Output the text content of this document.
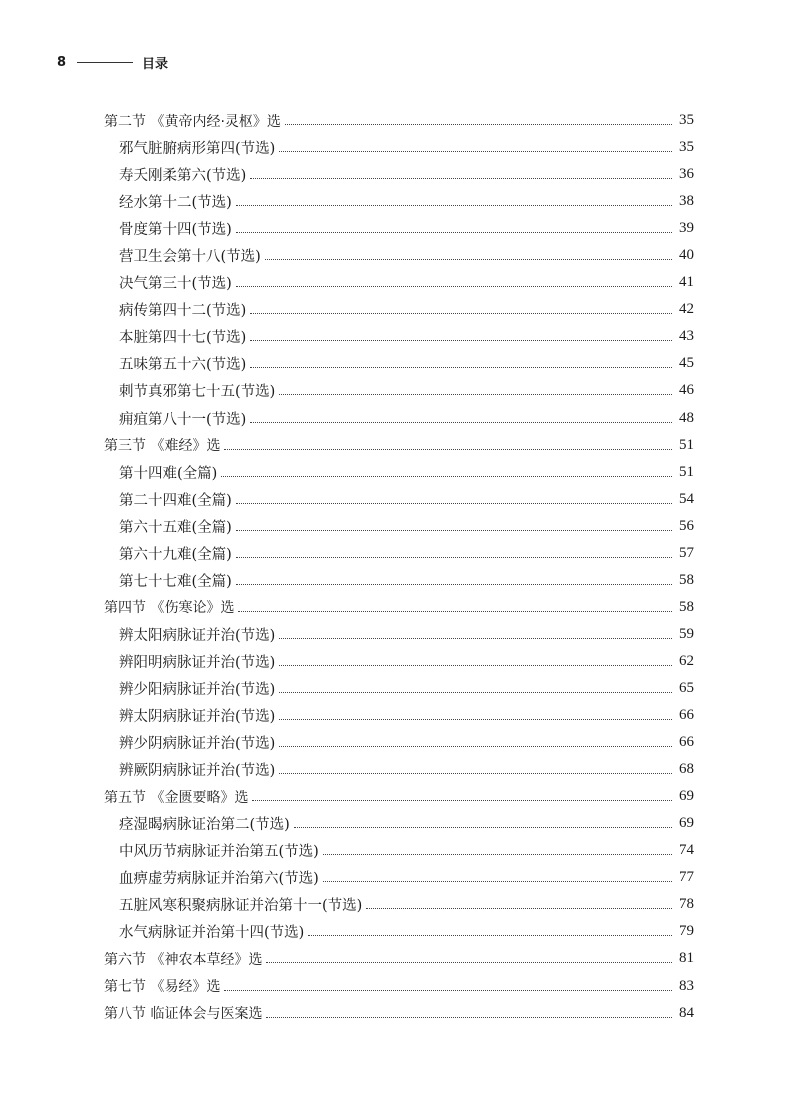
8	目录
第二节 《黄帝内经·灵枢》选	35
邪气脏腑病形第四(节选)	35
寿夭刚柔第六(节选)	36
经水第十二(节选)	38
骨度第十四(节选)	39
营卫生会第十八(节选)	40
决气第三十(节选)	41
病传第四十二(节选)	42
本脏第四十七(节选)	43
五味第五十六(节选)	45
刺节真邪第七十五(节选)	46
痈疽第八十一(节选)	48
第三节 《难经》选	51
第十四难(全篇)	51
第二十四难(全篇)	54
第六十五难(全篇)	56
第六十九难(全篇)	57
第七十七难(全篇)	58
第四节 《伤寒论》选	58
辨太阳病脉证并治(节选)	59
辨阳明病脉证并治(节选)	62
辨少阳病脉证并治(节选)	65
辨太阴病脉证并治(节选)	66
辨少阴病脉证并治(节选)	66
辨厥阴病脉证并治(节选)	68
第五节 《金匮要略》选	69
痉湿暍病脉证治第二(节选)	69
中风历节病脉证并治第五(节选)	74
血痹虚劳病脉证并治第六(节选)	77
五脏风寒积聚病脉证并治第十一(节选)	78
水气病脉证并治第十四(节选)	79
第六节 《神农本草经》选	81
第七节 《易经》选	83
第八节 临证体会与医案选	84
